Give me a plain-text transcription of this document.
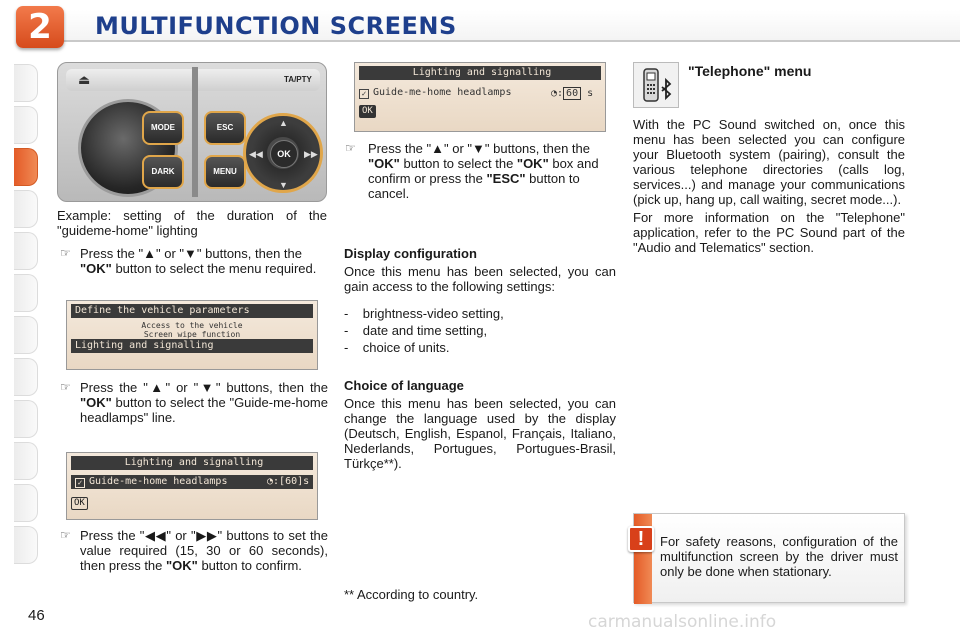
2	MULTIFUNCTION SCREENS
⏏	TA/PTY
MODE
DARK
ESC
MENU
▲
▼
◀◀	▶▶
OK
Example: setting of the duration of the "guideme-home" lighting
☞ Press the "▲" or "▼" buttons, then the "OK" button to select the menu required.
Define the vehicle parameters
Access to the vehicle
Screen wipe function
Lighting and signalling
☞ Press the "▲" or "▼" buttons, then the "OK" button to select the "Guide-me-home headlamps" line.
Lighting and signalling
✓ Guide-me-home headlamps	◔:[60]s
OK
☞ Press the "◀◀" or "▶▶" buttons to set the value required (15, 30 or 60 seconds), then press the "OK" button to confirm.
Lighting and signalling
✓ Guide-me-home headlamps	◔: 60 s
OK
☞ Press the "▲" or "▼" buttons, then the "OK" button to select the "OK" box and confirm or press the "ESC" button to cancel.
Display configuration
Once this menu has been selected, you can gain access to the following settings:
-    brightness-video setting,
-    date and time setting,
-    choice of units.
Choice of language
Once this menu has been selected, you can change the language used by the display (Deutsch, English, Espanol, Français, Italiano, Nederlands, Portugues, Portugues-Brasil, Türkçe**).
** According to country.
"Telephone" menu
With the PC Sound switched on, once this menu has been selected you can configure your Bluetooth system (pairing), consult the various telephone directories (calls log, services...) and manage your communications (pick up, hang up, call waiting, secret mode...).
For more information on the "Telephone" application, refer to the PC Sound part of the "Audio and Telematics" section.
!	For safety reasons, configuration of the multifunction screen by the driver must only be done when stationary.
46	carmanualsonline.info
